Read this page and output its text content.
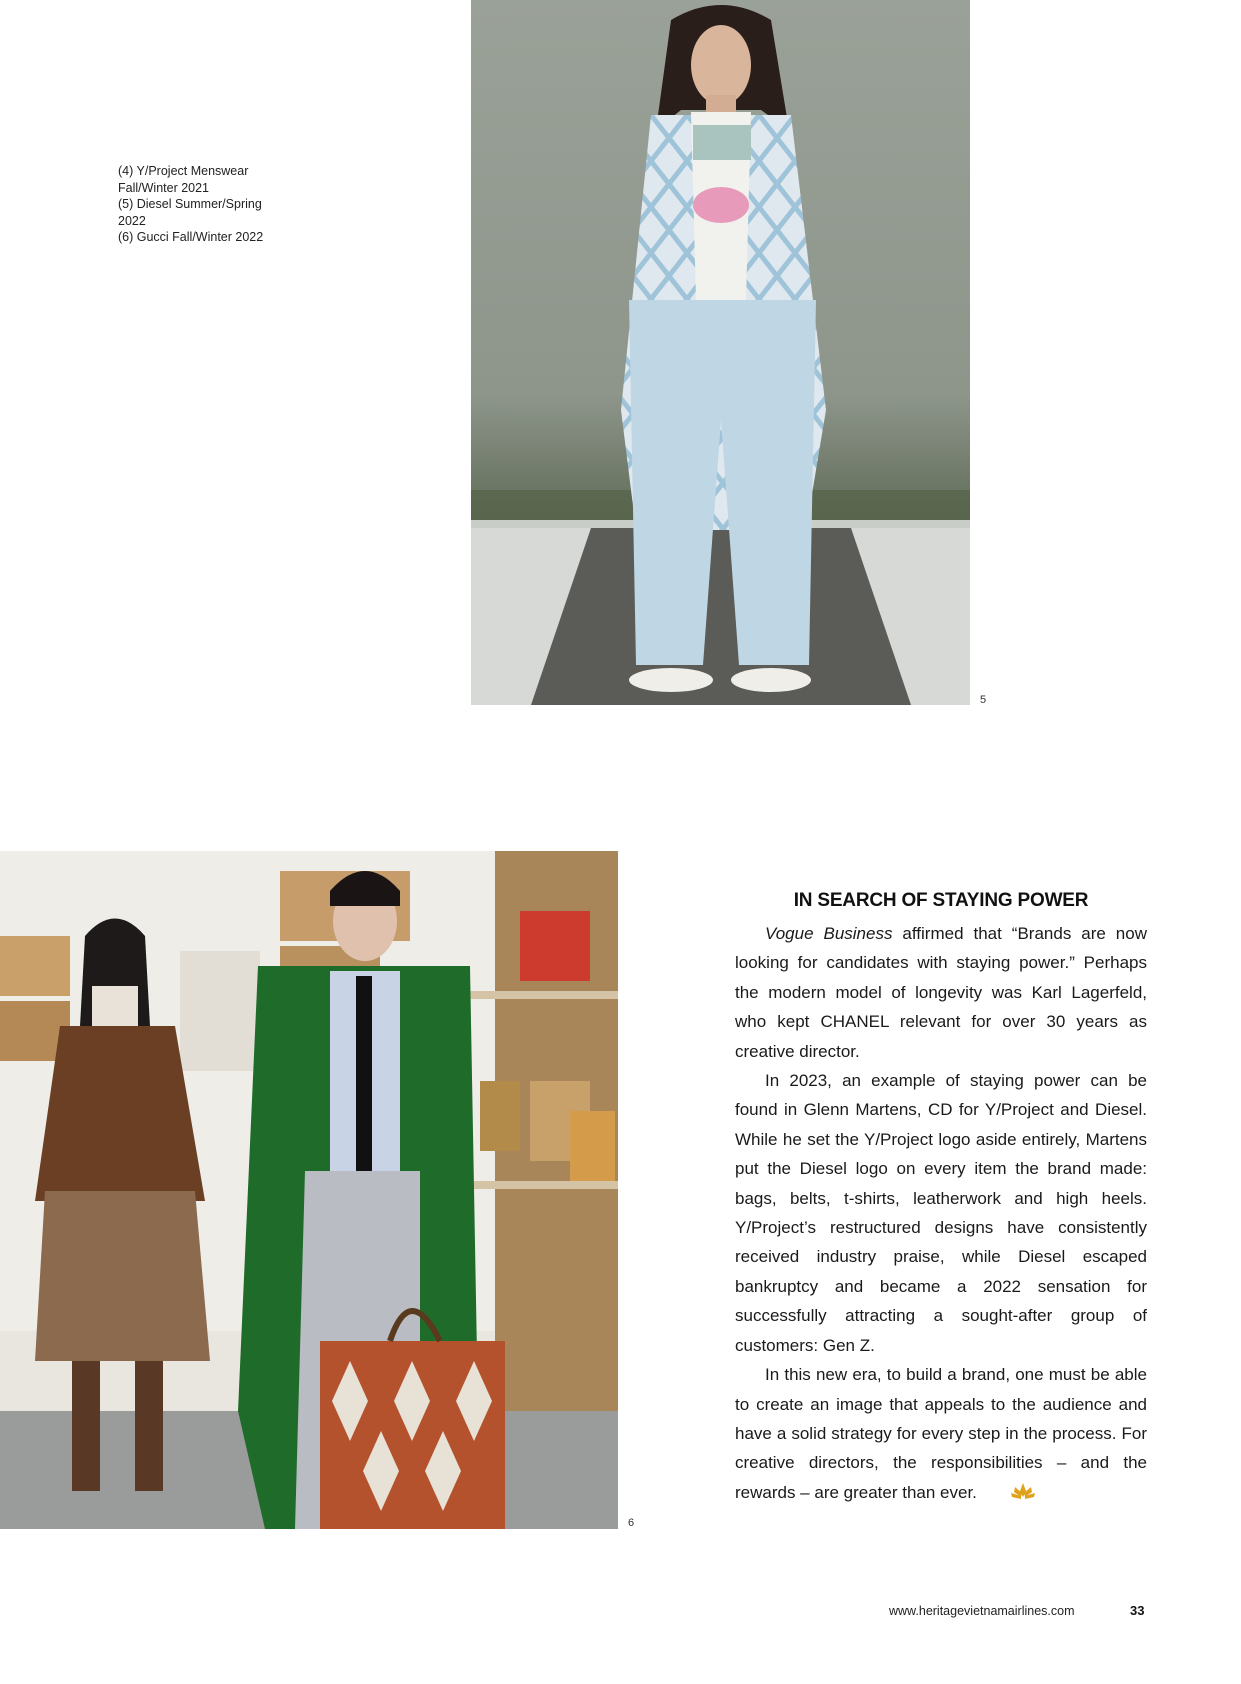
(4) Y/Project Menswear
Fall/Winter 2021
(5) Diesel Summer/Spring
2022
(6) Gucci Fall/Winter 2022
5
6
IN SEARCH OF STAYING POWER

Vogue Business affirmed that “Brands are now looking for candidates with staying power.” Perhaps the modern model of longevity was Karl Lagerfeld, who kept CHANEL relevant for over 30 years as creative director.

In 2023, an example of staying power can be found in Glenn Martens, CD for Y/Project and Diesel. While he set the Y/Project logo aside entirely, Martens put the Diesel logo on every item the brand made: bags, belts, t-shirts, leatherwork and high heels. Y/Project’s restructured designs have consistently received industry praise, while Diesel escaped bankruptcy and became a 2022 sensation for successfully attracting a sought-after group of customers: Gen Z.

In this new era, to build a brand, one must be able to create an image that appeals to the audience and have a solid strategy for every step in the process. For creative directors, the responsibilities – and the rewards – are greater than ever.

www.heritagevietnamairlines.com	33
